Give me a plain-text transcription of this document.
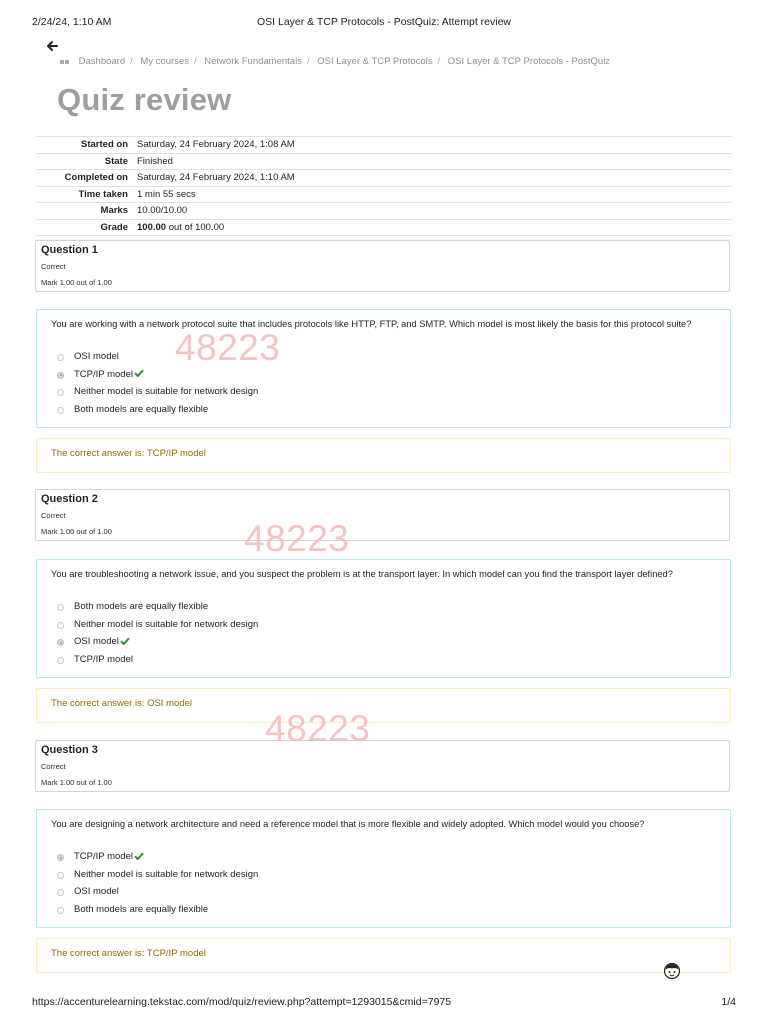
2/24/24, 1:10 AM	OSI Layer & TCP Protocols - PostQuiz: Attempt review
Dashboard / My courses / Network Fundamentals / OSI Layer & TCP Protocols / OSI Layer & TCP Protocols - PostQuiz
Quiz review
Started on	Saturday, 24 February 2024, 1:08 AM
State	Finished
Completed on	Saturday, 24 February 2024, 1:10 AM
Time taken	1 min 55 secs
Marks	10.00/10.00
Grade	100.00 out of 100.00
Question 1
Correct
Mark 1.00 out of 1.00
You are working with a network protocol suite that includes protocols like HTTP, FTP, and SMTP. Which model is most likely the basis for this protocol suite?
OSI model
TCP/IP model
Neither model is suitable for network design
Both models are equally flexible
The correct answer is: TCP/IP model
Question 2
Correct
Mark 1.00 out of 1.00
You are troubleshooting a network issue, and you suspect the problem is at the transport layer. In which model can you find the transport layer defined?
Both models are equally flexible
Neither model is suitable for network design
OSI model
TCP/IP model
The correct answer is: OSI model
Question 3
Correct
Mark 1.00 out of 1.00
You are designing a network architecture and need a reference model that is more flexible and widely adopted. Which model would you choose?
TCP/IP model
Neither model is suitable for network design
OSI model
Both models are equally flexible
The correct answer is: TCP/IP model
48223
48223
48223
https://accenturelearning.tekstac.com/mod/quiz/review.php?attempt=1293015&cmid=7975	1/4
